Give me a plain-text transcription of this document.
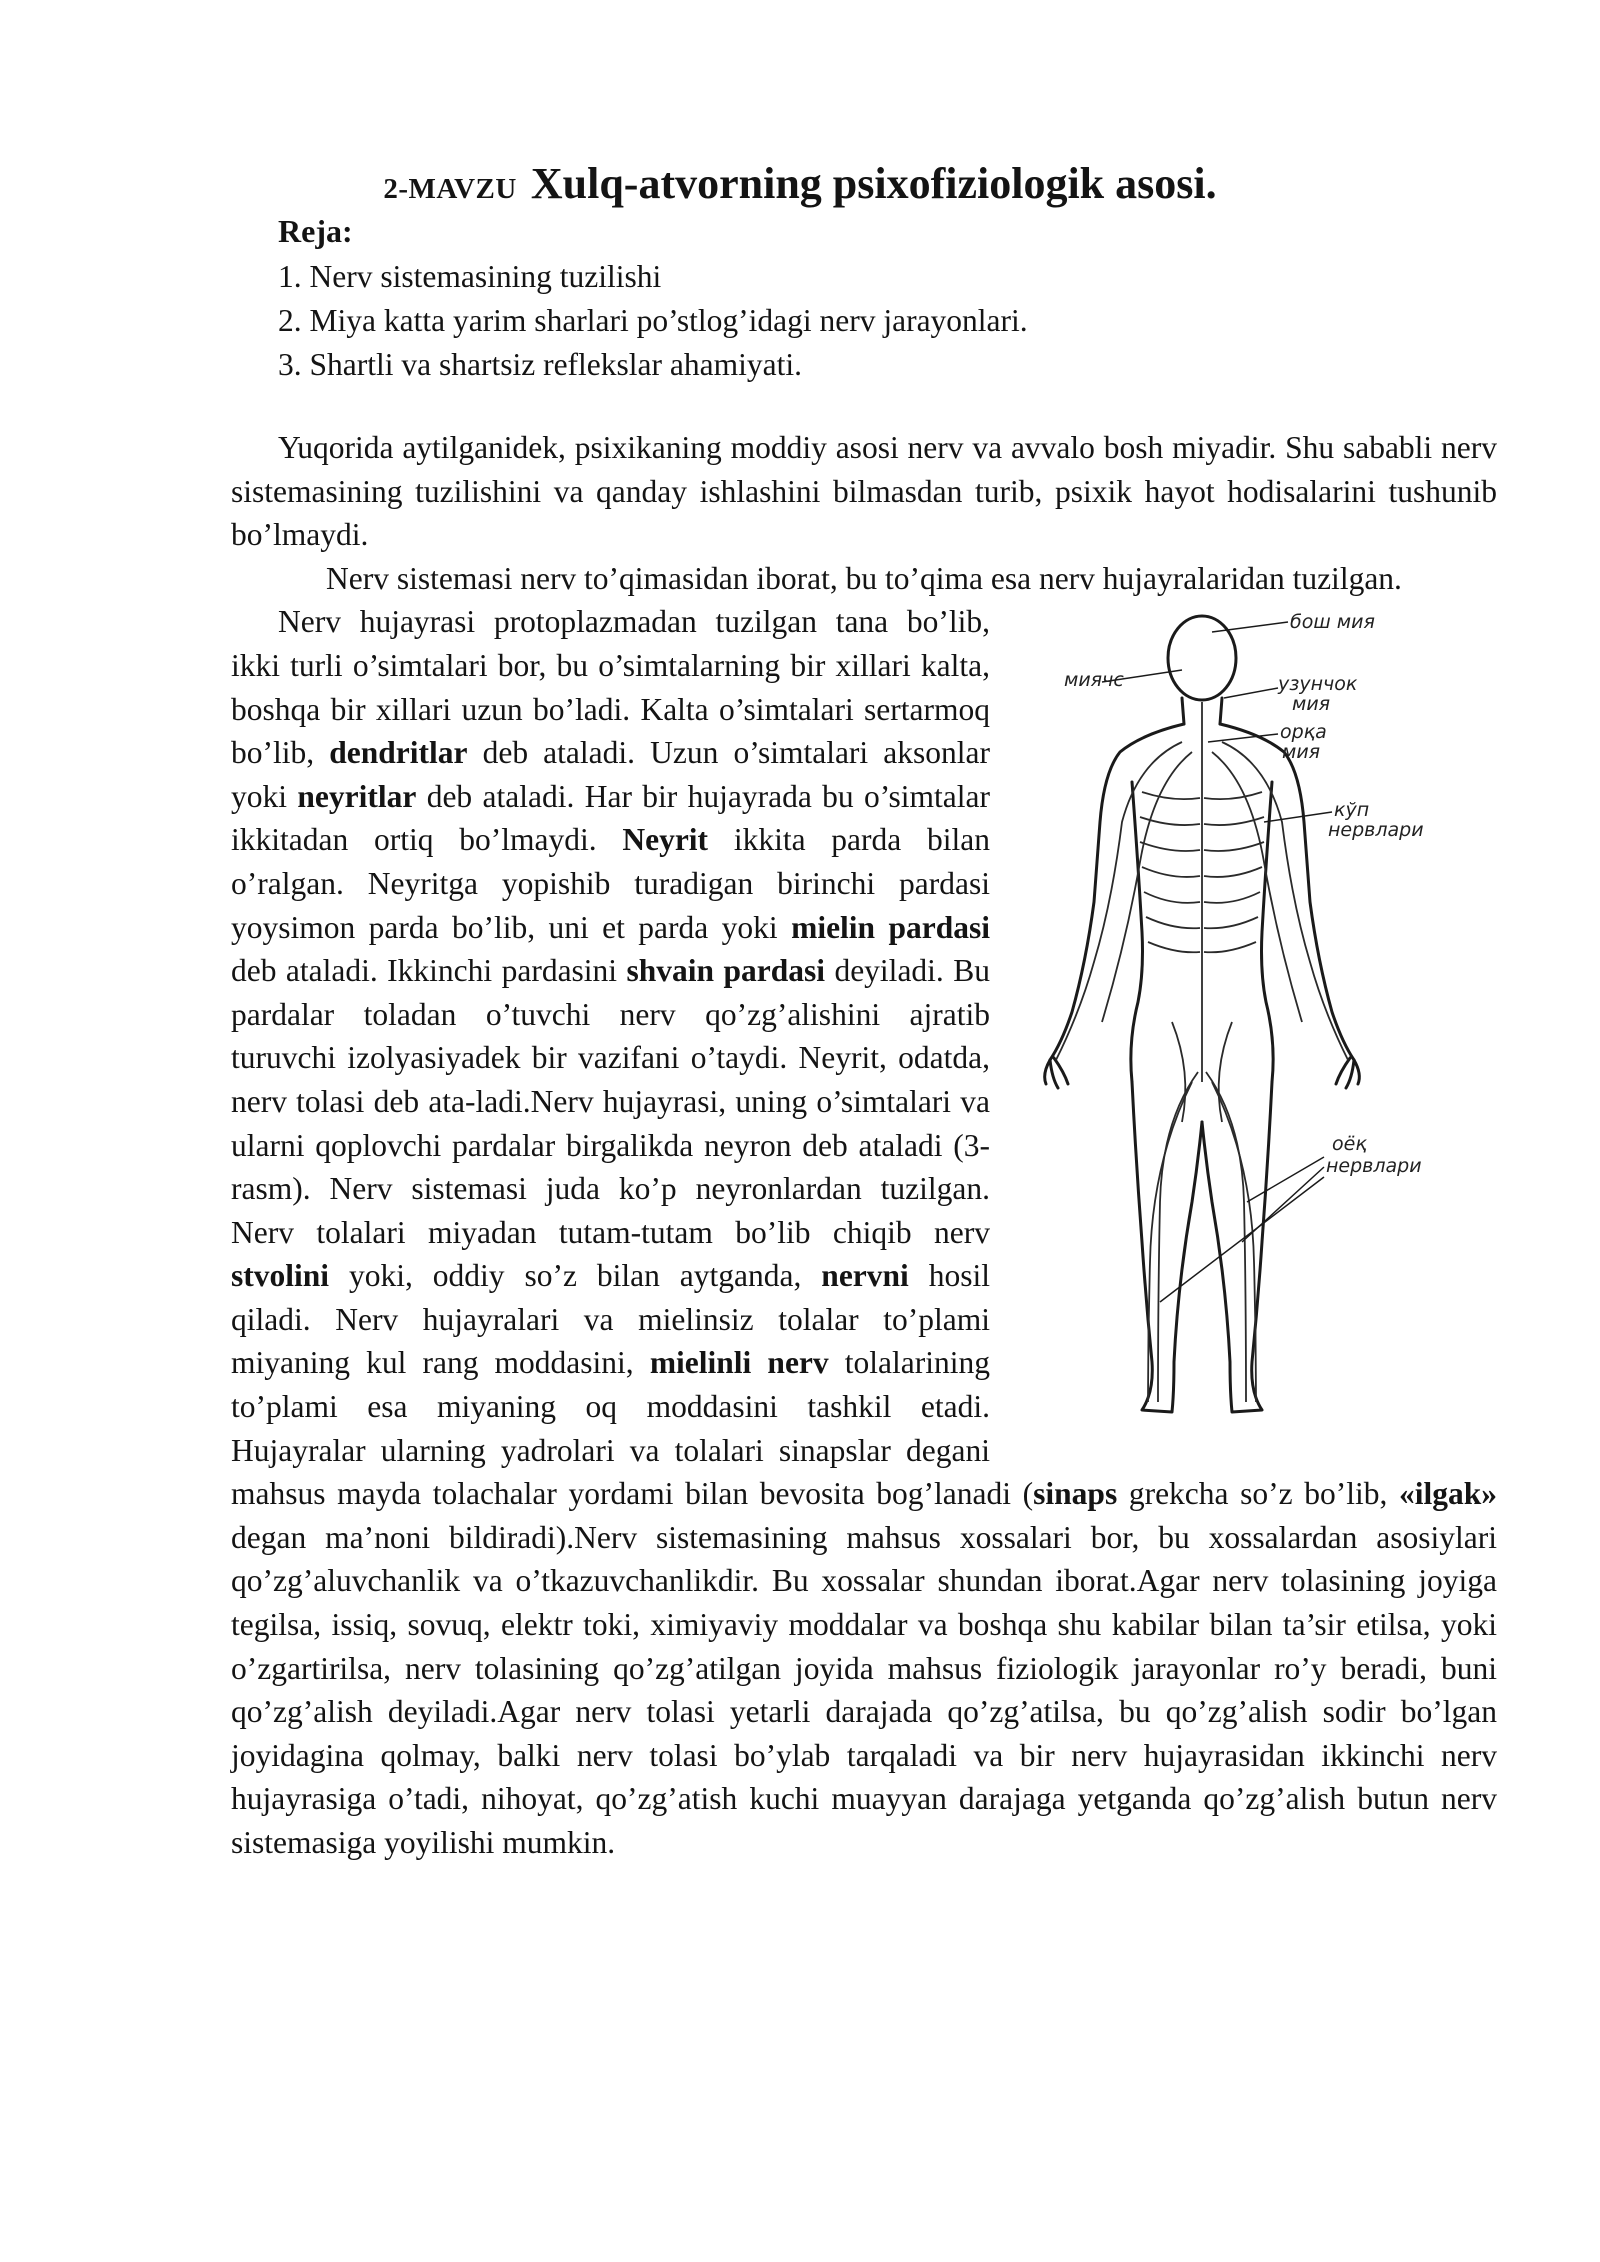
2-MAVZU Xulq-atvorning psixofiziologik asosi.
Reja:
1. Nerv sistemasining tuzilishi
2. Miya katta yarim sharlari po’stlog’idagi nerv jarayonlari.
3. Shartli va shartsiz reflekslar ahamiyati.

Yuqorida aytilganidek, psixikaning moddiy asosi nerv va avvalo bosh miyadir. Shu sababli nerv sistemasining tuzilishini va qanday ishlashini bilmasdan turib, psixik hayot hodisalarini tushunib bo’lmaydi.

Nerv sistemasi nerv to’qimasidan iborat, bu to’qima esa nerv hujayralaridan tuzilgan.

бош мия
миячс	узунчок
мия
орқа
мия
кўп
нервлари
оёқ
нервлари

Nerv hujayrasi protoplazmadan tuzilgan tana bo’lib, ikki turli o’simtalari bor, bu o’simtalarning bir xillari kalta, boshqa bir xillari uzun bo’ladi. Kalta o’simtalari sertarmoq bo’lib, dendritlar deb ataladi. Uzun o’simtalari aksonlar yoki neyritlar deb ataladi. Har bir hujayrada bu o’simtalar ikkitadan ortiq bo’lmaydi. Neyrit ikkita parda bilan o’ralgan. Neyritga yopishib turadigan birinchi pardasi yoysimon parda bo’lib, uni et parda yoki mielin pardasi deb ataladi. Ikkinchi pardasini shvain pardasi deyiladi. Bu pardalar toladan o’tuvchi nerv qo’zg’alishini ajratib turuvchi izolyasiyadek bir vazifani o’taydi. Neyrit, odatda, nerv tolasi deb ata-ladi.Nerv hujayrasi, uning o’simtalari va ularni qoplovchi pardalar birgalikda neyron deb ataladi (3-rasm). Nerv sistemasi juda ko’p neyronlardan tuzilgan. Nerv tolalari miyadan tutam-tutam bo’lib chiqib nerv stvolini yoki, oddiy so’z bilan aytganda, nervni hosil qiladi. Nerv hujayralari va mielinsiz tolalar to’plami miyaning kul rang moddasini, mielinli nerv tolalarining to’plami esa miyaning oq moddasini tashkil etadi. Hujayralar ularning yadrolari va tolalari sinapslar degani mahsus mayda tolachalar yordami bilan bevosita bog’lanadi (sinaps grekcha so’z bo’lib, «ilgak» degan ma’noni bildiradi).Nerv sistemasining mahsus xossalari bor, bu xossalardan asosiylari qo’zg’aluvchanlik va o’tkazuvchanlikdir. Bu xossalar shundan iborat.Agar nerv tolasining joyiga tegilsa, issiq, sovuq, elektr toki, ximiyaviy moddalar va boshqa shu kabilar bilan ta’sir etilsa, yoki o’zgartirilsa, nerv tolasining qo’zg’atilgan joyida mahsus fiziologik jarayonlar ro’y beradi, buni qo’zg’alish deyiladi.Agar nerv tolasi yetarli darajada qo’zg’atilsa, bu qo’zg’alish sodir bo’lgan joyidagina qolmay, balki nerv tolasi bo’ylab tarqaladi va bir nerv hujayrasidan ikkinchi nerv hujayrasiga o’tadi, nihoyat, qo’zg’atish kuchi muayyan darajaga yetganda qo’zg’alish butun nerv sistemasiga yoyilishi mumkin.
